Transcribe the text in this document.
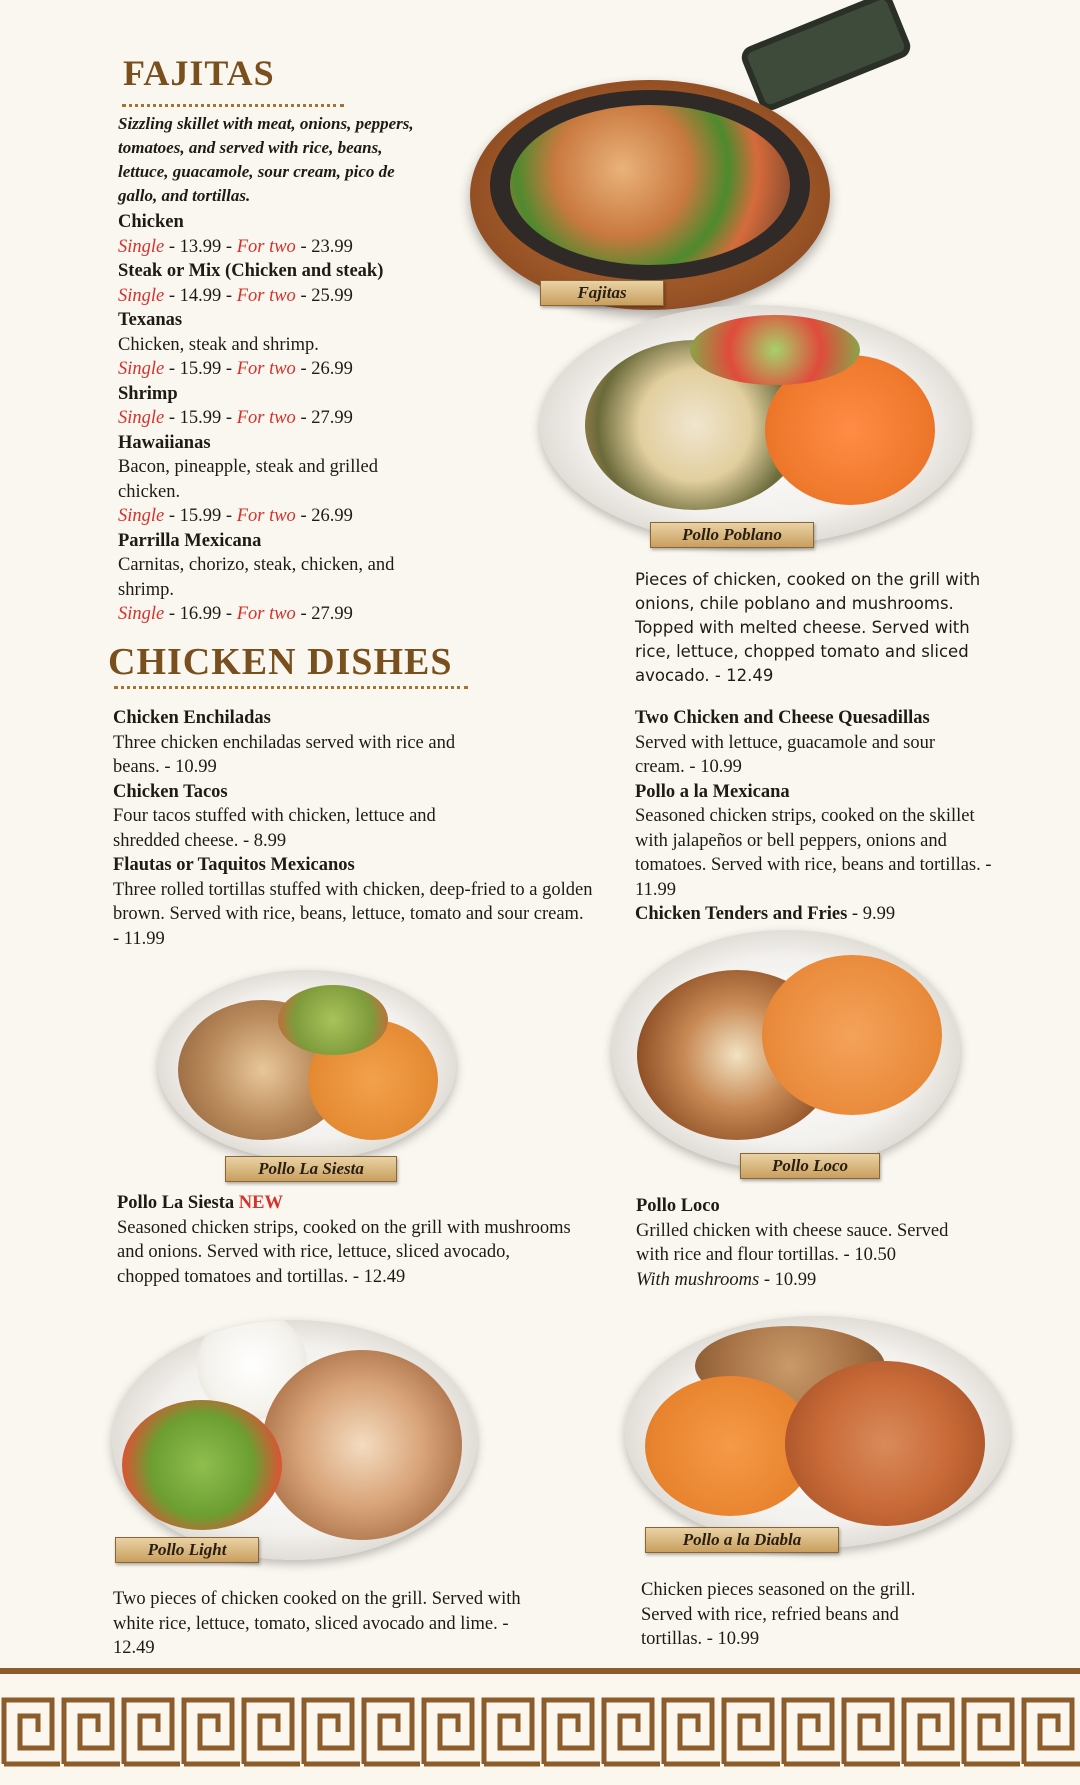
FAJITAS
Sizzling skillet with meat, onions, peppers, tomatoes, and served with rice, beans, lettuce, guacamole, sour cream, pico de gallo, and tortillas.
Chicken
Single - 13.99 - For two - 23.99
Steak or Mix (Chicken and steak)
Single - 14.99 - For two - 25.99
Texanas
Chicken, steak and shrimp.
Single - 15.99 - For two - 26.99
Shrimp
Single - 15.99 - For two - 27.99
Hawaiianas
Bacon, pineapple, steak and grilled chicken.
Single - 15.99 - For two - 26.99
Parrilla Mexicana
Carnitas, chorizo, steak, chicken, and shrimp.
Single - 16.99 - For two - 27.99
Fajitas
Pollo Poblano
Pieces of chicken, cooked on the grill with onions, chile poblano and mushrooms. Topped with melted cheese. Served with rice, lettuce, chopped tomato and sliced avocado. - 12.49
CHICKEN DISHES
Chicken Enchiladas
Three chicken enchiladas served with rice and beans. - 10.99
Chicken Tacos
Four tacos stuffed with chicken, lettuce and shredded cheese. - 8.99
Flautas or Taquitos Mexicanos
Three rolled tortillas stuffed with chicken, deep-fried to a golden brown. Served with rice, beans, lettuce, tomato and sour cream. - 11.99
Two Chicken and Cheese Quesadillas
Served with lettuce, guacamole and sour cream. - 10.99
Pollo a la Mexicana
Seasoned chicken strips, cooked on the skillet with jalapeños or bell peppers, onions and tomatoes. Served with rice, beans and tortillas. - 11.99
Chicken Tenders and Fries - 9.99
Pollo La Siesta
Pollo La Siesta NEW
Seasoned chicken strips, cooked on the grill with mushrooms and onions. Served with rice, lettuce, sliced avocado, chopped tomatoes and tortillas. - 12.49
Pollo Loco
Pollo Loco
Grilled chicken with cheese sauce. Served with rice and flour tortillas. - 10.50
With mushrooms - 10.99
Pollo Light
Two pieces of chicken cooked on the grill. Served with white rice, lettuce, tomato, sliced avocado and lime. - 12.49
Pollo a la Diabla
Chicken pieces seasoned on the grill. Served with rice, refried beans and tortillas. - 10.99
